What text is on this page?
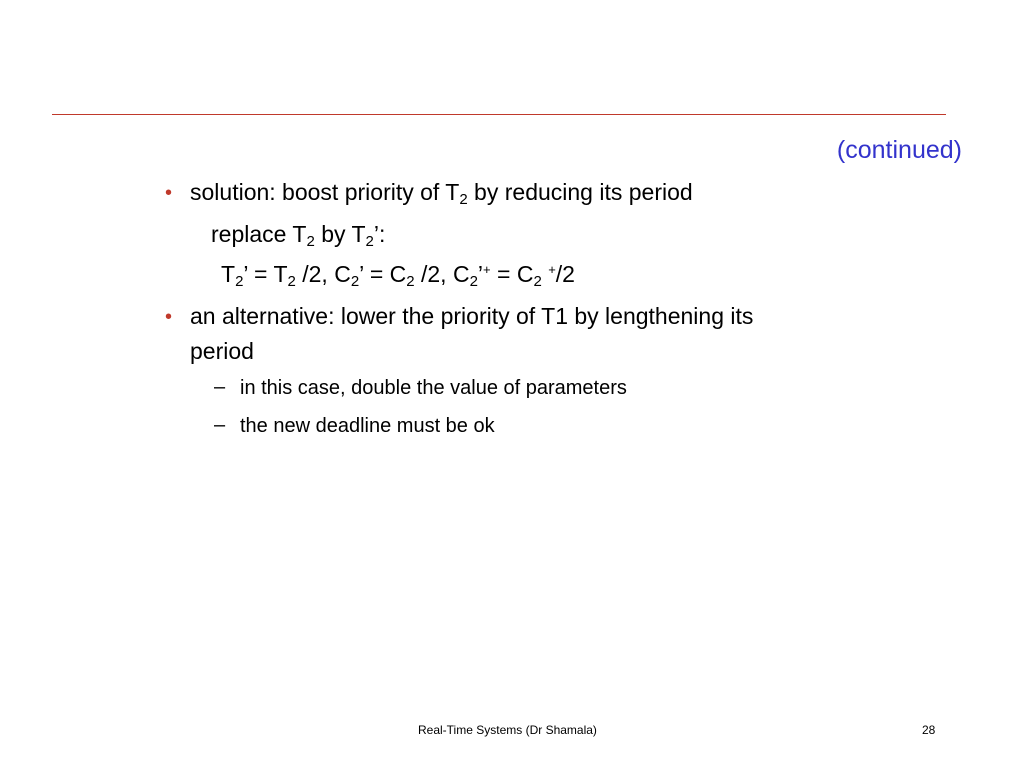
(continued)
• solution: boost priority of $T_2$ by reducing its period
replace $T_2$ by $T_2$’:
$T_2$’ = $T_2$ /2, $C_2$’ = $C_2$ /2, $C_2’^+ = C_2$ +/2
• an alternative: lower the priority of T1 by lengthening its
period
– in this case, double the value of parameters
– the new deadline must be ok
Real-Time Systems (Dr Shamala)	28
